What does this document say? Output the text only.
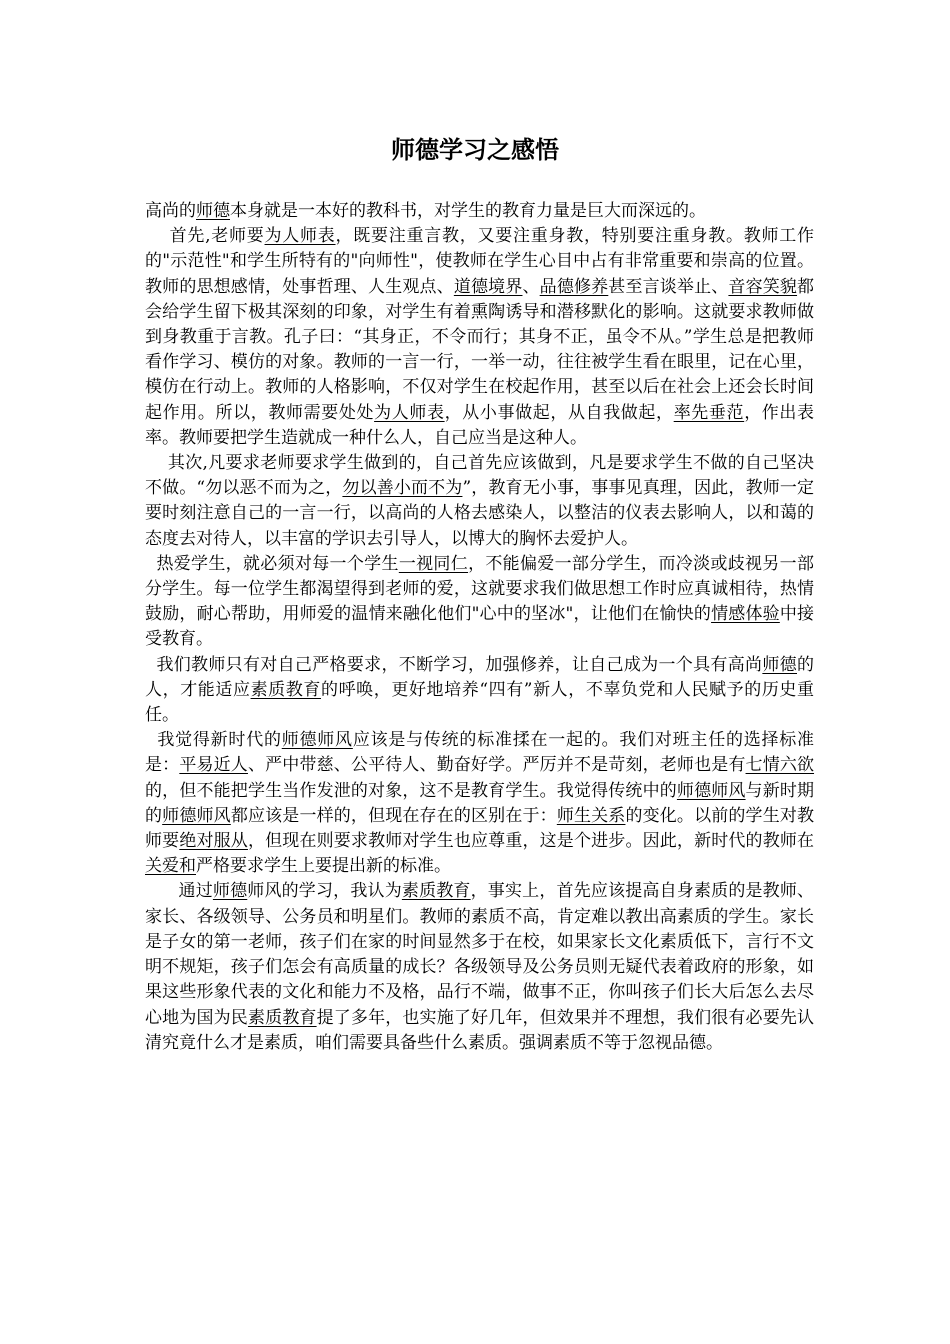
师德学习之感悟

高尚的师德本身就是一本好的教科书，对学生的教育力量是巨大而深远的。

首先,老师要为人师表，既要注重言教，又要注重身教，特别要注重身教。教师工作的"示范性"和学生所特有的"向师性"，使教师在学生心目中占有非常重要和崇高的位置。教师的思想感情，处事哲理、人生观点、道德境界、品德修养甚至言谈举止、音容笑貌都会给学生留下极其深刻的印象，对学生有着熏陶诱导和潜移默化的影响。这就要求教师做到身教重于言教。孔子曰：“其身正，不令而行；其身不正，虽令不从。”学生总是把教师看作学习、模仿的对象。教师的一言一行，一举一动，往往被学生看在眼里，记在心里，模仿在行动上。教师的人格影响，不仅对学生在校起作用，甚至以后在社会上还会长时间起作用。所以，教师需要处处为人师表，从小事做起，从自我做起，率先垂范，作出表率。教师要把学生造就成一种什么人，自己应当是这种人。

其次,凡要求老师要求学生做到的，自己首先应该做到，凡是要求学生不做的自己坚决不做。“勿以恶不而为之，勿以善小而不为”，教育无小事，事事见真理，因此，教师一定要时刻注意自己的一言一行，以高尚的人格去感染人，以整洁的仪表去影响人，以和蔼的态度去对待人，以丰富的学识去引导人，以博大的胸怀去爱护人。

热爱学生，就必须对每一个学生一视同仁，不能偏爱一部分学生，而冷淡或歧视另一部分学生。每一位学生都渴望得到老师的爱，这就要求我们做思想工作时应真诚相待，热情鼓励，耐心帮助，用师爱的温情来融化他们"心中的坚冰"，让他们在愉快的情感体验中接受教育。

我们教师只有对自己严格要求，不断学习，加强修养，让自己成为一个具有高尚师德的人，才能适应素质教育的呼唤，更好地培养“四有”新人，不辜负党和人民赋予的历史重任。

我觉得新时代的师德师风应该是与传统的标准揉在一起的。我们对班主任的选择标准是：平易近人、严中带慈、公平待人、勤奋好学。严厉并不是苛刻，老师也是有七情六欲的，但不能把学生当作发泄的对象，这不是教育学生。我觉得传统中的师德师风与新时期的师德师风都应该是一样的，但现在存在的区别在于：师生关系的变化。以前的学生对教师要绝对服从，但现在则要求教师对学生也应尊重，这是个进步。因此，新时代的教师在关爱和严格要求学生上要提出新的标准。

通过师德师风的学习，我认为素质教育，事实上，首先应该提高自身素质的是教师、家长、各级领导、公务员和明星们。教师的素质不高，肯定难以教出高素质的学生。家长是子女的第一老师，孩子们在家的时间显然多于在校，如果家长文化素质低下，言行不文明不规矩，孩子们怎会有高质量的成长？各级领导及公务员则无疑代表着政府的形象，如果这些形象代表的文化和能力不及格，品行不端，做事不正，你叫孩子们长大后怎么去尽心地为国为民素质教育提了多年，也实施了好几年，但效果并不理想，我们很有必要先认清究竟什么才是素质，咱们需要具备些什么素质。强调素质不等于忽视品德。
